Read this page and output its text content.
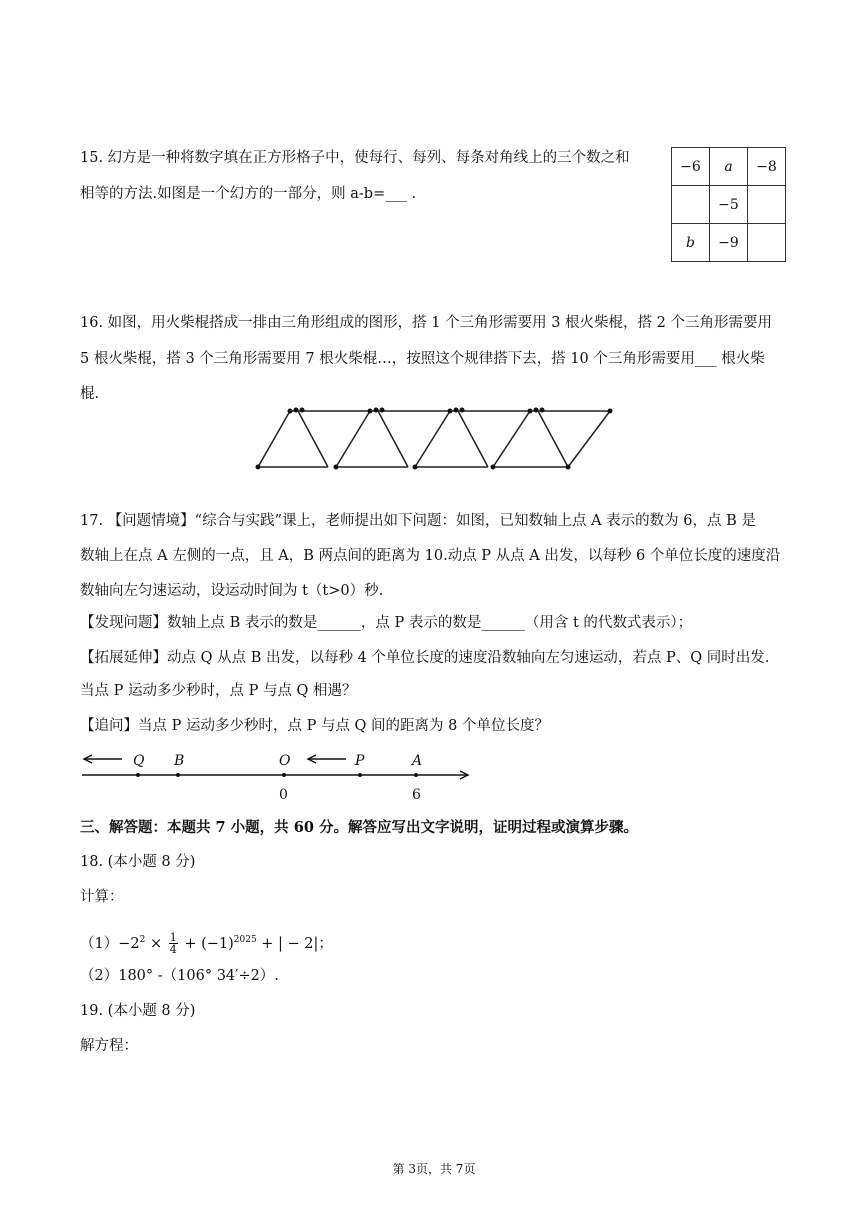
15. 幻方是一种将数字填在正方形格子中，使每行、每列、每条对角线上的三个数之和
相等的方法.如图是一个幻方的一部分，则 a-b=___ .
−6	a	−8
	−5	
b	−9	
16. 如图，用火柴棍搭成一排由三角形组成的图形，搭 1 个三角形需要用 3 根火柴棍，搭 2 个三角形需要用
5 根火柴棍，搭 3 个三角形需要用 7 根火柴棍…，按照这个规律搭下去，搭 10 个三角形需要用___ 根火柴
棍.
17. 【问题情境】“综合与实践”课上，老师提出如下问题：如图，已知数轴上点 A 表示的数为 6，点 B 是
数轴上在点 A 左侧的一点，且 A，B 两点间的距离为 10.动点 P 从点 A 出发，以每秒 6 个单位长度的速度沿
数轴向左匀速运动，设运动时间为 t（t>0）秒.
【发现问题】数轴上点 B 表示的数是______，点 P 表示的数是______（用含 t 的代数式表示）；
【拓展延伸】动点 Q 从点 B 出发，以每秒 4 个单位长度的速度沿数轴向左匀速运动，若点 P、Q 同时出发.
当点 P 运动多少秒时，点 P 与点 Q 相遇？
【追问】当点 P 运动多少秒时，点 P 与点 Q 间的距离为 8 个单位长度？
Q B	O	P	A
0	6
三、解答题：本题共 7 小题，共 60 分。解答应写出文字说明，证明过程或演算步骤。
18. (本小题 8 分)
计算：
$(1)-2^2 \times \frac{1}{4} + (-1)^{2025}$ + | − 2|；
（2）180° -（106° 34′÷2）.
19. (本小题 8 分)
解方程：
第 3页，共 7页
